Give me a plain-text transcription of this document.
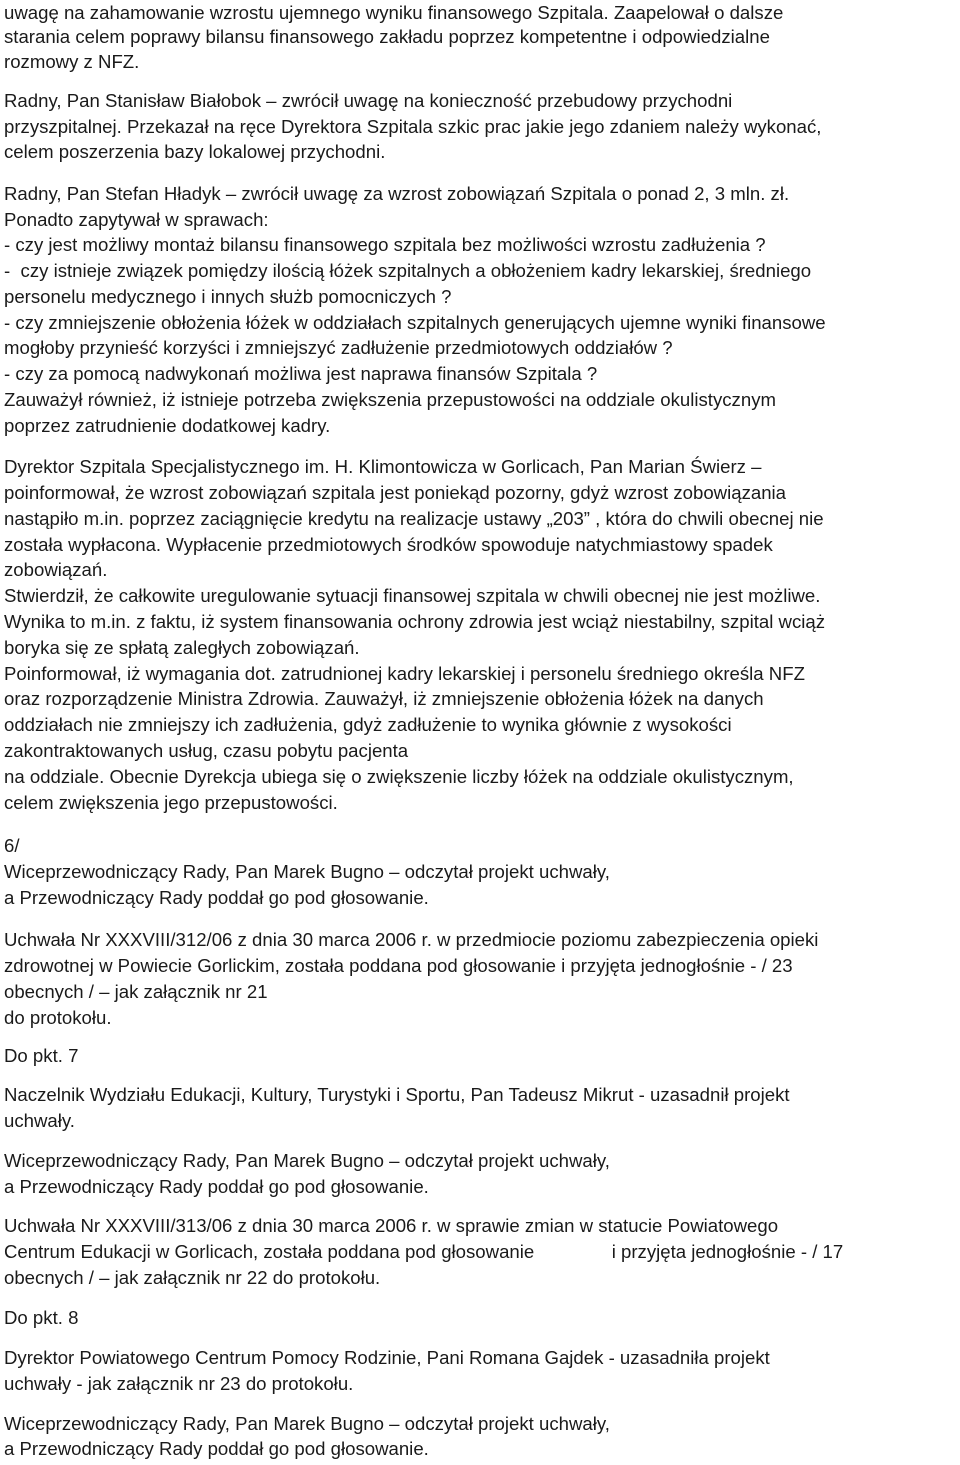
uwagę na zahamowanie wzrostu ujemnego wyniku finansowego Szpitala. Zaapelował o dalsze

starania celem poprawy bilansu finansowego zakładu poprzez kompetentne i odpowiedzialne

rozmowy z NFZ.

Radny, Pan Stanisław Białobok – zwrócił uwagę na konieczność przebudowy przychodni

przyszpitalnej. Przekazał na ręce Dyrektora Szpitala szkic prac jakie jego zdaniem należy wykonać,

celem poszerzenia bazy lokalowej przychodni.

Radny, Pan Stefan Hładyk – zwrócił uwagę za wzrost zobowiązań Szpitala o ponad 2, 3 mln. zł.

Ponadto zapytywał w sprawach:

- czy jest możliwy montaż bilansu finansowego szpitala bez możliwości wzrostu zadłużenia ?

-  czy istnieje związek pomiędzy ilością łóżek szpitalnych a obłożeniem kadry lekarskiej, średniego

personelu medycznego i innych służb pomocniczych ?

- czy zmniejszenie obłożenia łóżek w oddziałach szpitalnych generujących ujemne wyniki finansowe

mogłoby przynieść korzyści i zmniejszyć zadłużenie przedmiotowych oddziałów ?

- czy za pomocą nadwykonań możliwa jest naprawa finansów Szpitala ?

Zauważył również, iż istnieje potrzeba zwiększenia przepustowości na oddziale okulistycznym

poprzez zatrudnienie dodatkowej kadry.

Dyrektor Szpitala Specjalistycznego im. H. Klimontowicza w Gorlicach, Pan Marian Świerz –

poinformował, że wzrost zobowiązań szpitala jest poniekąd pozorny, gdyż wzrost zobowiązania

nastąpiło m.in. poprzez zaciągnięcie kredytu na realizacje ustawy „203” , która do chwili obecnej nie

została wypłacona. Wypłacenie przedmiotowych środków spowoduje natychmiastowy spadek

zobowiązań.

Stwierdził, że całkowite uregulowanie sytuacji finansowej szpitala w chwili obecnej nie jest możliwe.

Wynika to m.in. z faktu, iż system finansowania ochrony zdrowia jest wciąż niestabilny, szpital wciąż

boryka się ze spłatą zaległych zobowiązań.

Poinformował, iż wymagania dot. zatrudnionej kadry lekarskiej i personelu średniego określa NFZ

oraz rozporządzenie Ministra Zdrowia. Zauważył, iż zmniejszenie obłożenia łóżek na danych

oddziałach nie zmniejszy ich zadłużenia, gdyż zadłużenie to wynika głównie z wysokości

zakontraktowanych usług, czasu pobytu pacjenta

na oddziale. Obecnie Dyrekcja ubiega się o zwiększenie liczby łóżek na oddziale okulistycznym,

celem zwiększenia jego przepustowości.

6/

Wiceprzewodniczący Rady, Pan Marek Bugno – odczytał projekt uchwały,

a Przewodniczący Rady poddał go pod głosowanie.

Uchwała Nr XXXVIII/312/06 z dnia 30 marca 2006 r. w przedmiocie poziomu zabezpieczenia opieki

zdrowotnej w Powiecie Gorlickim, została poddana pod głosowanie i przyjęta jednogłośnie - / 23

obecnych / – jak załącznik nr 21

do protokołu.

Do pkt. 7

Naczelnik Wydziału Edukacji, Kultury, Turystyki i Sportu, Pan Tadeusz Mikrut - uzasadnił projekt

uchwały.

Wiceprzewodniczący Rady, Pan Marek Bugno – odczytał projekt uchwały,

a Przewodniczący Rady poddał go pod głosowanie.

Uchwała Nr XXXVIII/313/06 z dnia 30 marca 2006 r. w sprawie zmian w statucie Powiatowego

Centrum Edukacji w Gorlicach, została poddana pod głosowanie               i przyjęta jednogłośnie - / 17

obecnych / – jak załącznik nr 22 do protokołu.

Do pkt. 8

Dyrektor Powiatowego Centrum Pomocy Rodzinie, Pani Romana Gajdek - uzasadniła projekt

uchwały - jak załącznik nr 23 do protokołu.

Wiceprzewodniczący Rady, Pan Marek Bugno – odczytał projekt uchwały,

a Przewodniczący Rady poddał go pod głosowanie.
